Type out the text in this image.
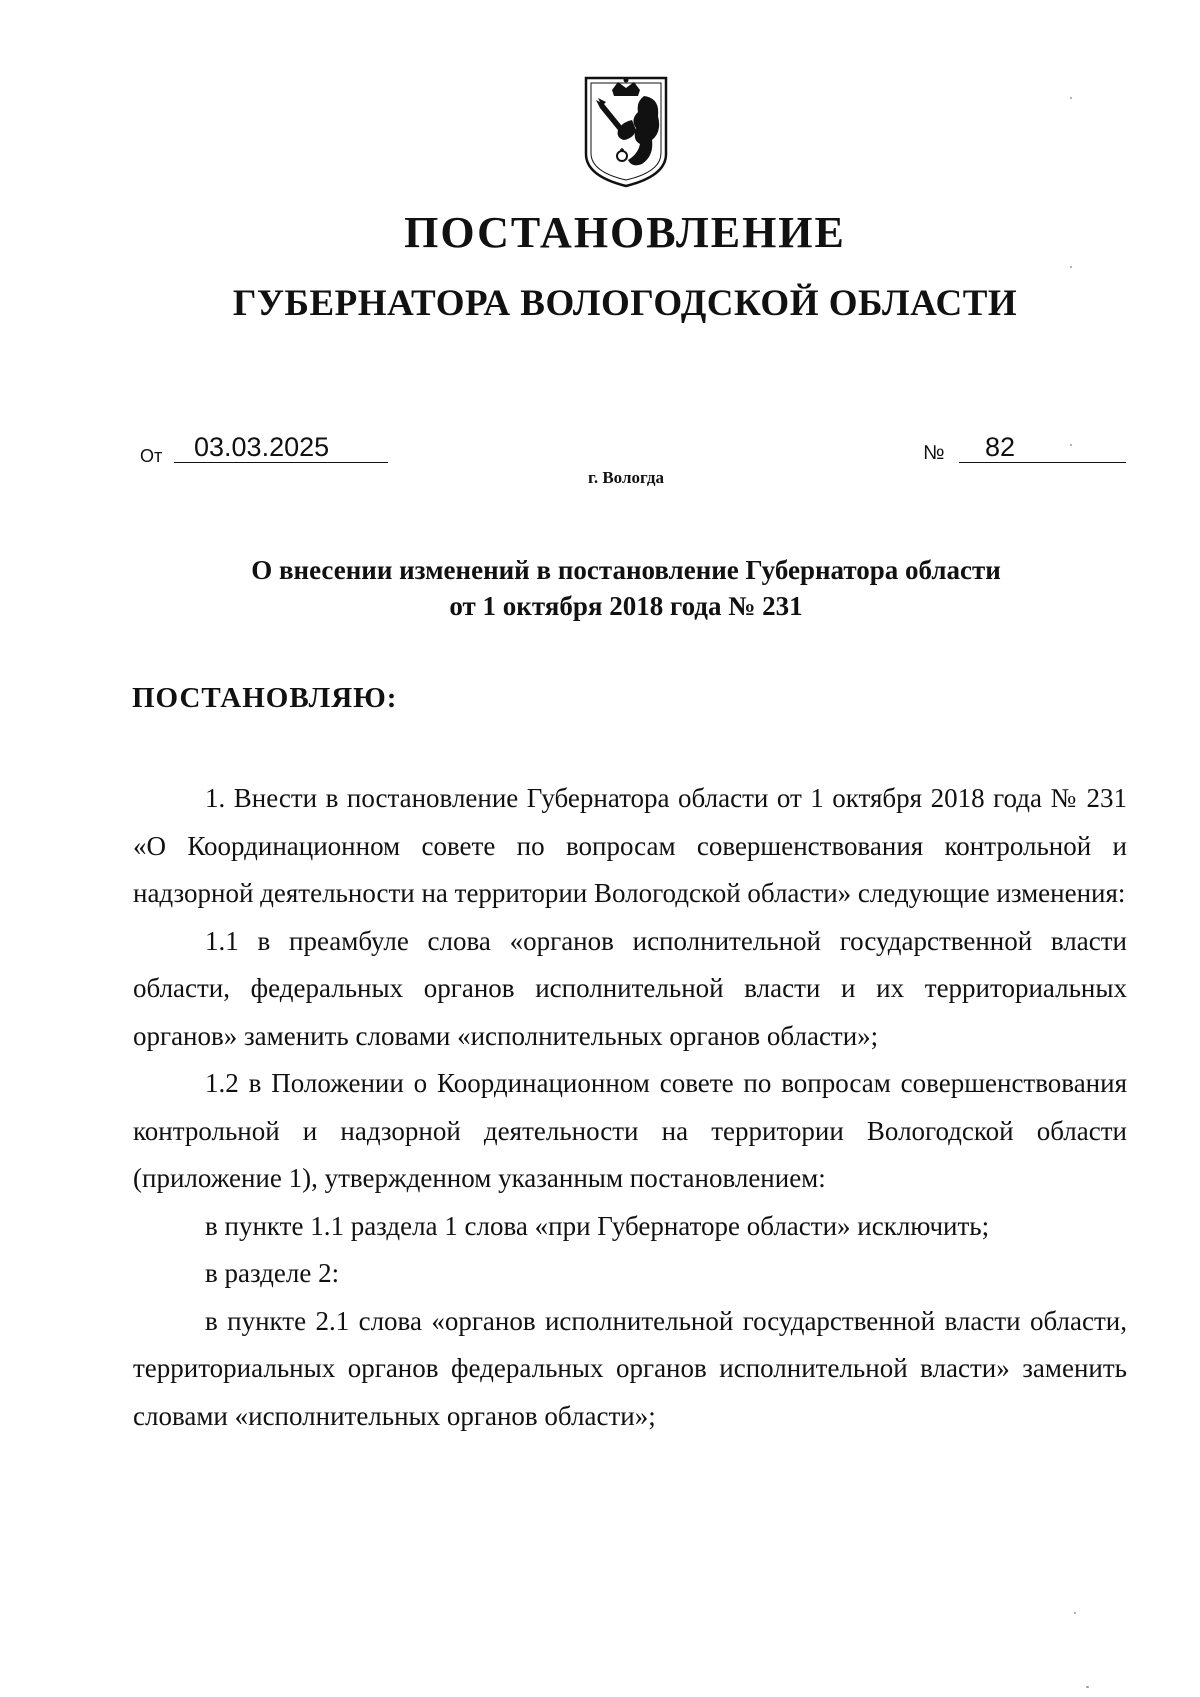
ПОСТАНОВЛЕНИЕ
ГУБЕРНАТОРА ВОЛОГОДСКОЙ ОБЛАСТИ
От	03.03.2025	№	82
г. Вологда
О внесении изменений в постановление Губернатора области
от 1 октября 2018 года № 231
ПОСТАНОВЛЯЮ:

1. Внести в постановление Губернатора области от 1 октября 2018 года № 231 «О Координационном совете по вопросам совершенствования контрольной и надзорной деятельности на территории Вологодской области» следующие изменения:

1.1 в преамбуле слова «органов исполнительной государственной власти области, федеральных органов исполнительной власти и их территориальных органов» заменить словами «исполнительных органов области»;

1.2 в Положении о Координационном совете по вопросам совершенствования контрольной и надзорной деятельности на территории Вологодской области (приложение 1), утвержденном указанным постановлением:

в пункте 1.1 раздела 1 слова «при Губернаторе области» исключить;

в разделе 2:

в пункте 2.1 слова «органов исполнительной государственной власти области, территориальных органов федеральных органов исполнительной власти» заменить словами «исполнительных органов области»;
